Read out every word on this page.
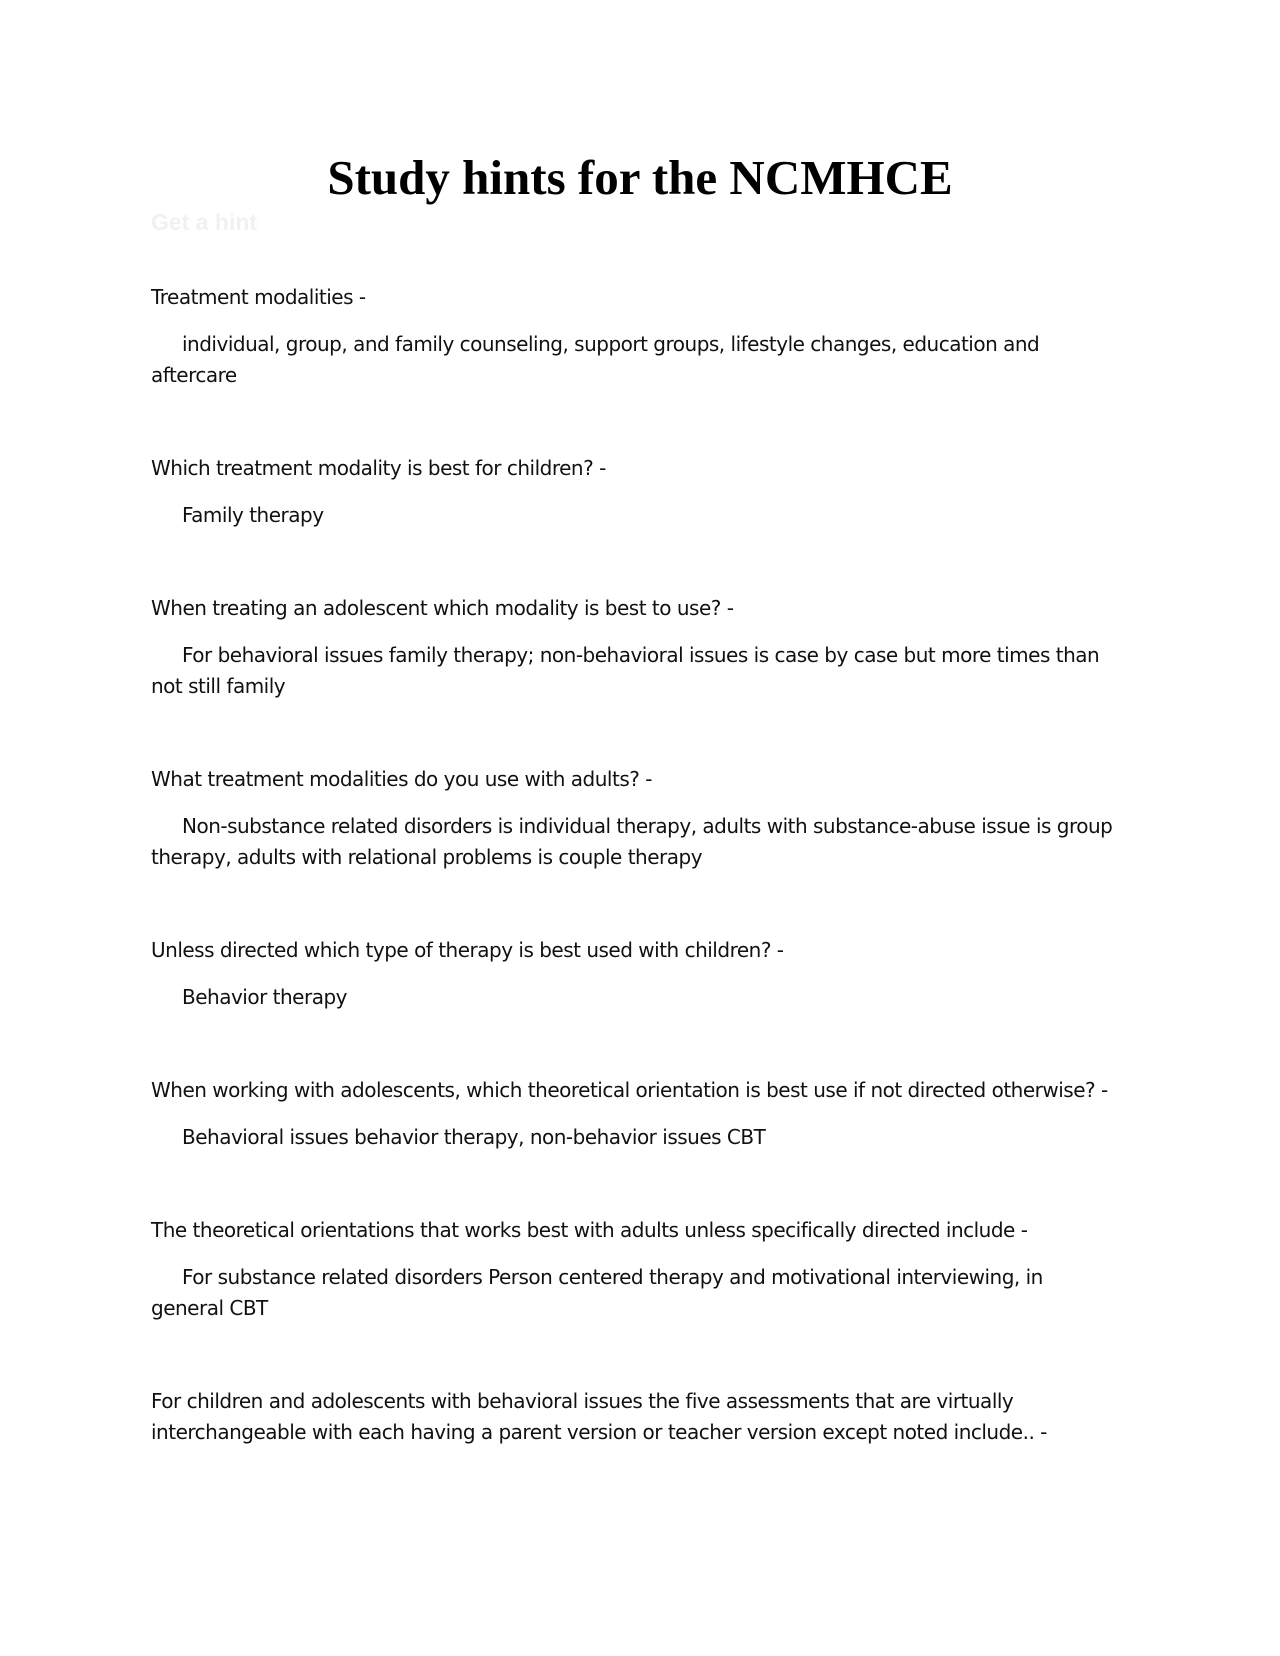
Study hints for the NCMHCE
Get a hint

Treatment modalities -

individual, group, and family counseling, support groups, lifestyle changes, education and aftercare

Which treatment modality is best for children? -

Family therapy

When treating an adolescent which modality is best to use? -

For behavioral issues family therapy; non-behavioral issues is case by case but more times than not still family

What treatment modalities do you use with adults? -

Non-substance related disorders is individual therapy, adults with substance-abuse issue is group therapy, adults with relational problems is couple therapy

Unless directed which type of therapy is best used with children? -

Behavior therapy

When working with adolescents, which theoretical orientation is best use if not directed otherwise? -

Behavioral issues behavior therapy, non-behavior issues CBT

The theoretical orientations that works best with adults unless specifically directed include -

For substance related disorders Person centered therapy and motivational interviewing, in general CBT

For children and adolescents with behavioral issues the five assessments that are virtually interchangeable with each having a parent version or teacher version except noted include.. -
